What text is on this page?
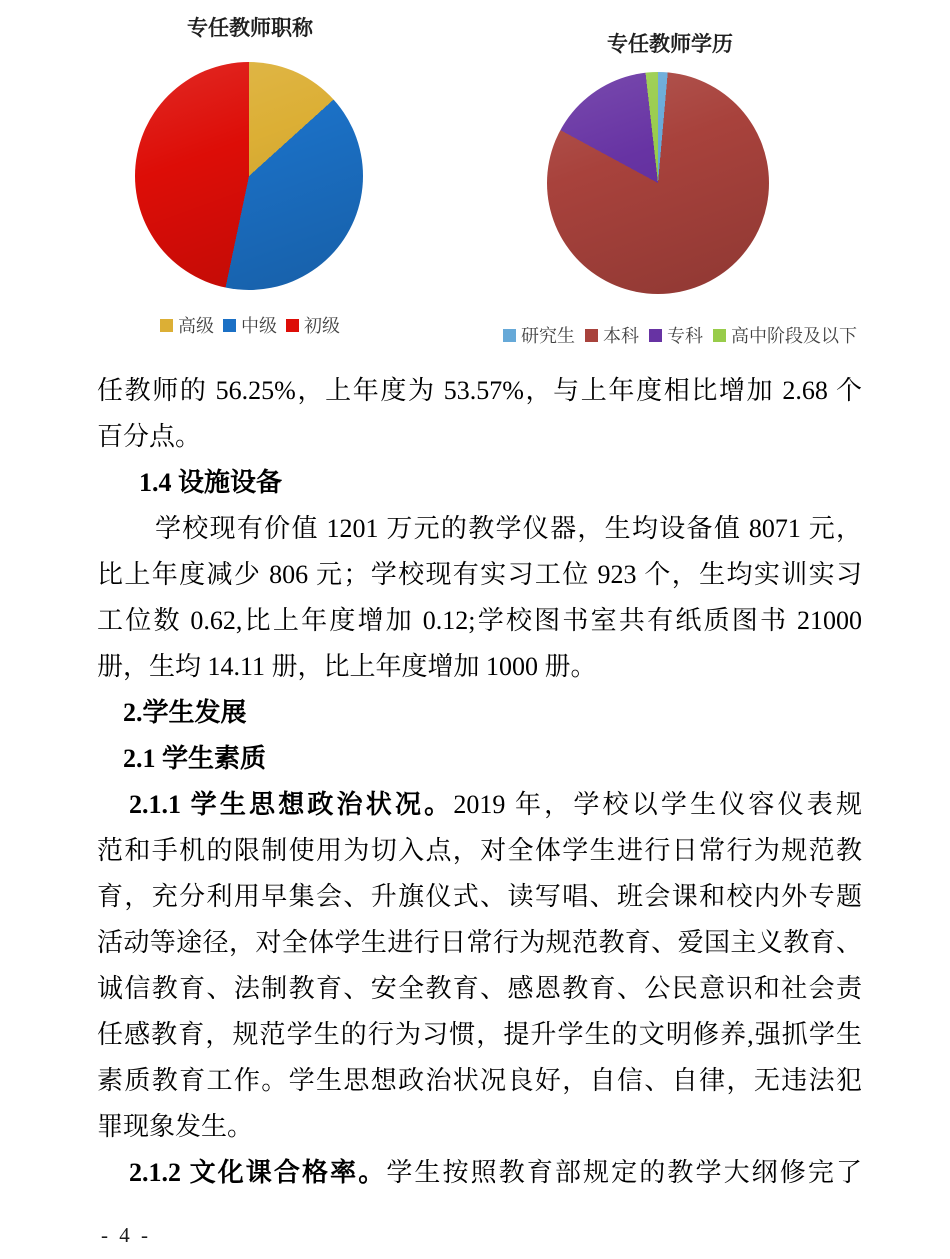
专任教师职称
高级 中级 初级
专任教师学历
研究生 本科 专科 高中阶段及以下
任教师的 56.25%，上年度为 53.57%，与上年度相比增加 2.68 个
百分点。
1.4 设施设备
学校现有价值 1201 万元的教学仪器，生均设备值 8071 元，
比上年度减少 806 元；学校现有实习工位 923 个，生均实训实习
工位数 0.62,比上年度增加 0.12;学校图书室共有纸质图书 21000
册，生均 14.11 册，比上年度增加 1000 册。
2.学生发展
2.1 学生素质
2.1.1 学生思想政治状况。2019 年，学校以学生仪容仪表规
范和手机的限制使用为切入点，对全体学生进行日常行为规范教
育，充分利用早集会、升旗仪式、读写唱、班会课和校内外专题
活动等途径，对全体学生进行日常行为规范教育、爱国主义教育、
诚信教育、法制教育、安全教育、感恩教育、公民意识和社会责
任感教育，规范学生的行为习惯，提升学生的文明修养,强抓学生
素质教育工作。学生思想政治状况良好，自信、自律，无违法犯
罪现象发生。
2.1.2 文化课合格率。学生按照教育部规定的教学大纲修完了
- 4 -
